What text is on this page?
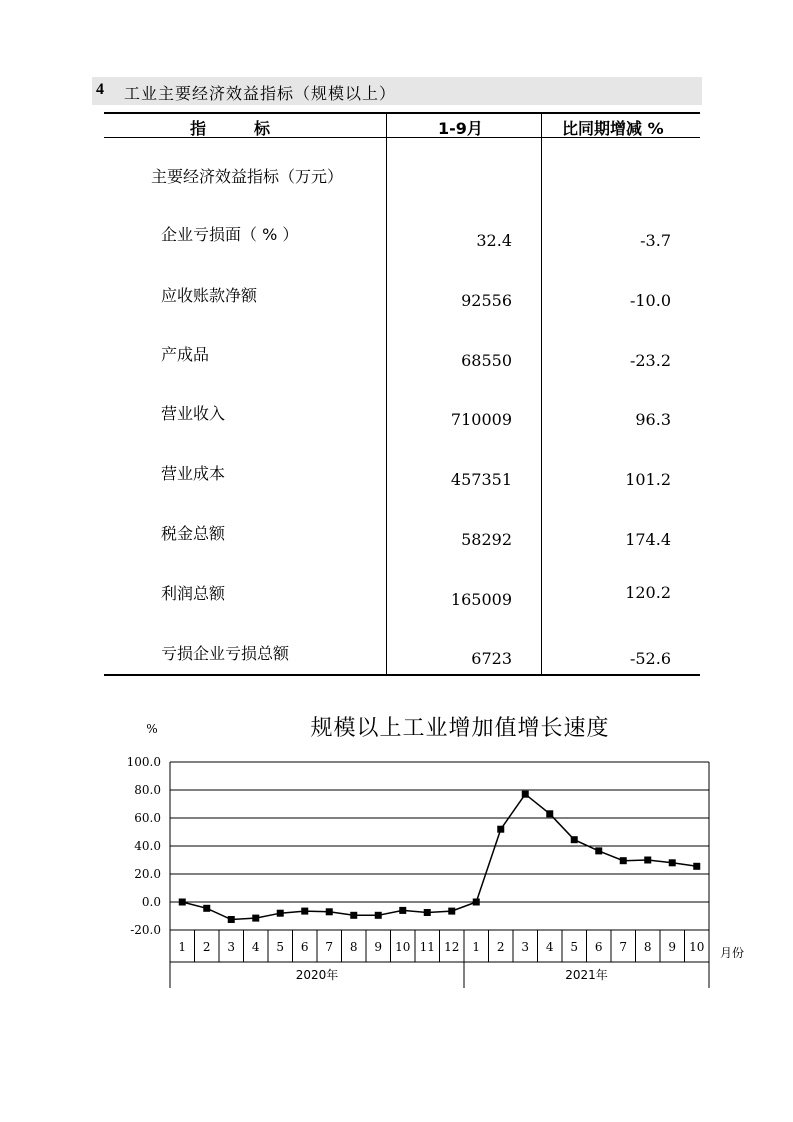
4 工业主要经济效益指标（规模以上）
指　　　标	1-9月	比同期增减 %
主要经济效益指标（万元）
企业亏损面（ % ）	32.4	-3.7
应收账款净额	92556	-10.0
产成品	68550	-23.2
营业收入	710009	96.3
营业成本	457351	101.2
税金总额	58292	174.4
利润总额	165009	120.2
亏损企业亏损总额	6723	-52.6
规模以上工业增加值增长速度
%
100.0
80.0
60.0
40.0
20.0
0.0
-20.0
1 2 3 4 5 6 7 8 9 10 11 12
2020年
1 2 3 4 5 6 7 8 9 10
2021年
月份
